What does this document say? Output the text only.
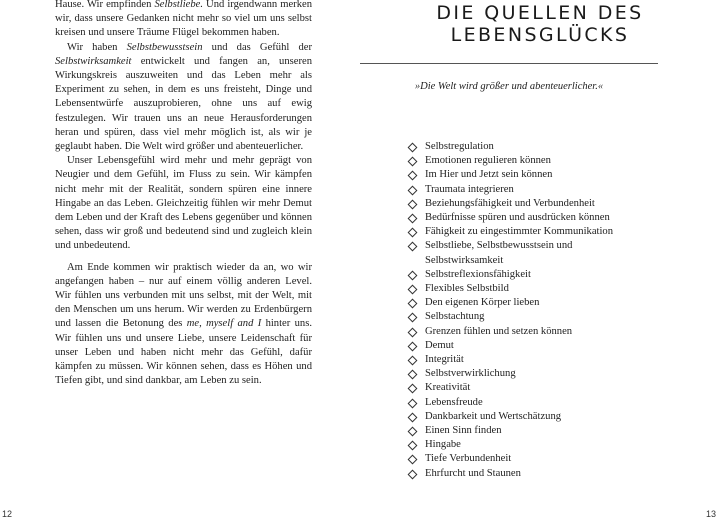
Hause. Wir empfinden Selbstliebe. Und irgendwann merken wir, dass unsere Gedanken nicht mehr so viel um uns selbst kreisen und unsere Träume Flügel bekommen haben.

Wir haben Selbstbewusstsein und das Gefühl der Selbstwirksamkeit entwickelt und fangen an, unseren Wirkungskreis auszuweiten und das Leben mehr als Experiment zu sehen, in dem es uns freisteht, Dinge und Lebensentwürfe auszuprobieren, ohne uns auf ewig festzulegen. Wir trauen uns an neue Herausforderungen heran und spüren, dass viel mehr möglich ist, als wir je geglaubt haben. Die Welt wird größer und abenteuerlicher.

Unser Lebensgefühl wird mehr und mehr geprägt von Neugier und dem Gefühl, im Fluss zu sein. Wir kämpfen nicht mehr mit der Realität, sondern spüren eine innere Hingabe an das Leben. Gleichzeitig fühlen wir mehr Demut dem Leben und der Kraft des Lebens gegenüber und können sehen, dass wir groß und bedeutend sind und zugleich klein und unbedeutend.

Am Ende kommen wir praktisch wieder da an, wo wir angefangen haben – nur auf einem völlig anderen Level. Wir fühlen uns verbunden mit uns selbst, mit der Welt, mit den Menschen um uns herum. Wir werden zu Erdenbürgern und lassen die Betonung des me, myself and I hinter uns. Wir fühlen uns und unsere Liebe, unsere Leidenschaft für unser Leben und haben nicht mehr das Gefühl, dafür kämpfen zu müssen. Wir können sehen, dass es Höhen und Tiefen gibt, und sind dankbar, am Leben zu sein.

12
DIE QUELLEN DES
LEBENSGLÜCKS
»Die Welt wird größer und abenteuerlicher.«
Selbstregulation
Emotionen regulieren können
Im Hier und Jetzt sein können
Traumata integrieren
Beziehungsfähigkeit und Verbundenheit
Bedürfnisse spüren und ausdrücken können
Fähigkeit zu eingestimmter Kommunikation
Selbstliebe, Selbstbewusstsein und Selbstwirksamkeit
Selbstreflexionsfähigkeit
Flexibles Selbstbild
Den eigenen Körper lieben
Selbstachtung
Grenzen fühlen und setzen können
Demut
Integrität
Selbstverwirklichung
Kreativität
Lebensfreude
Dankbarkeit und Wertschätzung
Einen Sinn finden
Hingabe
Tiefe Verbundenheit
Ehrfurcht und Staunen
13
